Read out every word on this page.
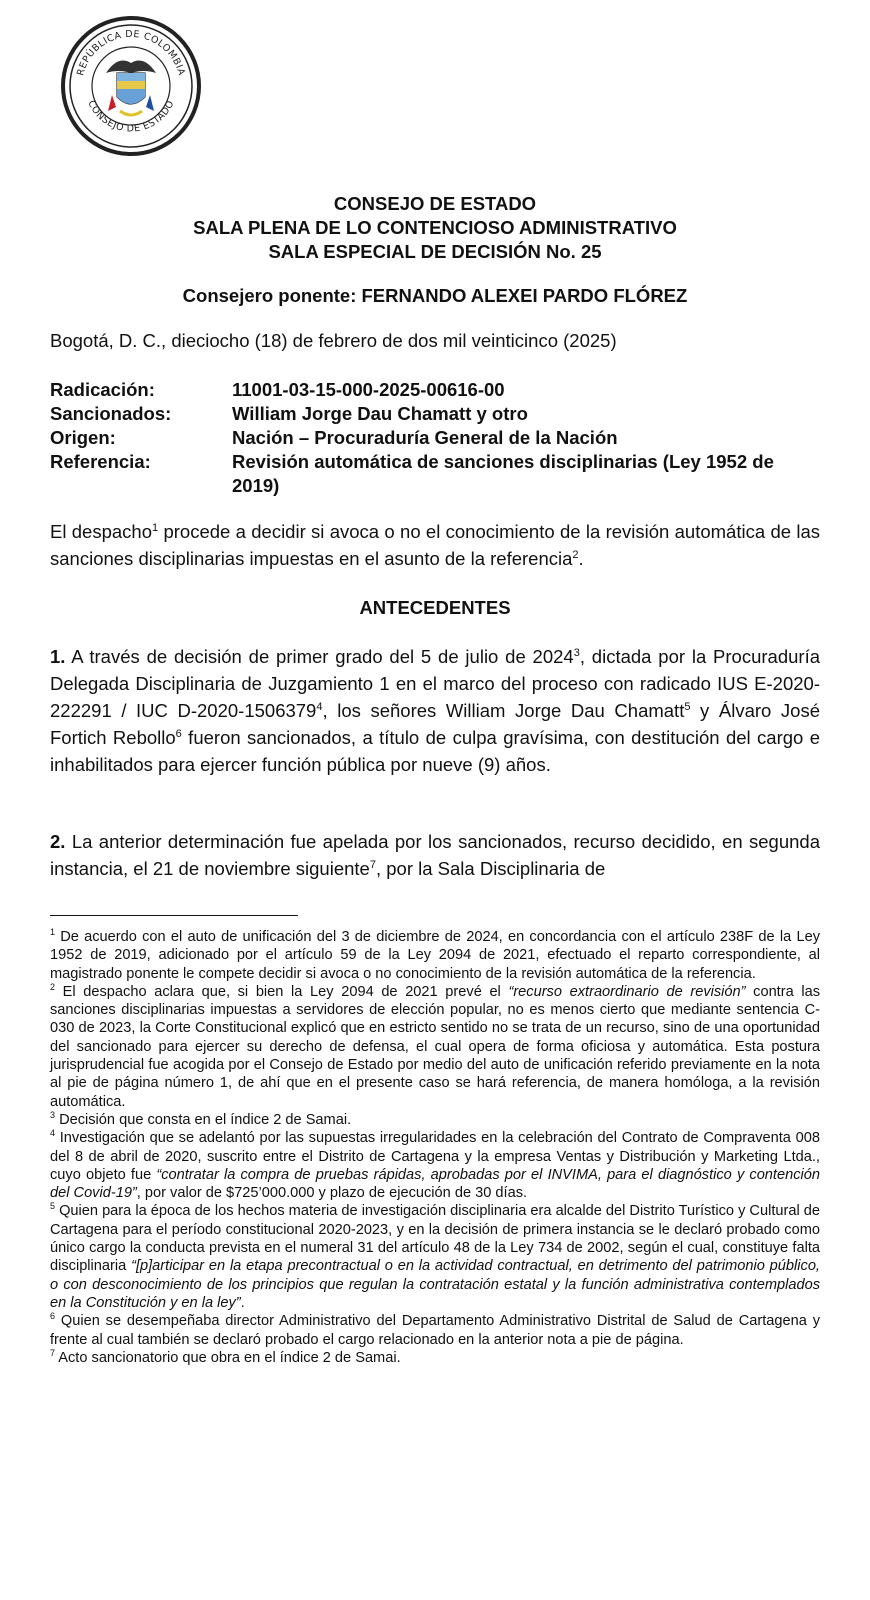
REPÚBLICA DE COLOMBIA
CONSEJO DE ESTADO
CONSEJO DE ESTADO
SALA PLENA DE LO CONTENCIOSO ADMINISTRATIVO
SALA ESPECIAL DE DECISIÓN No. 25
Consejero ponente: FERNANDO ALEXEI PARDO FLÓREZ
Bogotá, D. C., dieciocho (18) de febrero de dos mil veinticinco (2025)
Radicación:	11001-03-15-000-2025-00616-00
Sancionados:	William Jorge Dau Chamatt y otro
Origen:	Nación – Procuraduría General de la Nación
Referencia:	Revisión automática de sanciones disciplinarias (Ley 1952 de 2019)
El despacho$^1$ procede a decidir si avoca o no el conocimiento de la revisión automática de las sanciones disciplinarias impuestas en el asunto de la referencia$^2$.
ANTECEDENTES
1. A través de decisión de primer grado del 5 de julio de 2024$^3$, dictada por la Procuraduría Delegada Disciplinaria de Juzgamiento 1 en el marco del proceso con radicado IUS E-2020-222291 / IUC D-2020-1506379$^4$, los señores William Jorge Dau Chamatt$^5$ y Álvaro José Fortich Rebollo$^6$ fueron sancionados, a título de culpa gravísima, con destitución del cargo e inhabilitados para ejercer función pública por nueve (9) años.
2. La anterior determinación fue apelada por los sancionados, recurso decidido, en segunda instancia, el 21 de noviembre siguiente$^7$, por la Sala Disciplinaria de

$^1$ De acuerdo con el auto de unificación del 3 de diciembre de 2024, en concordancia con el artículo 238F de la Ley 1952 de 2019, adicionado por el artículo 59 de la Ley 2094 de 2021, efectuado el reparto correspondiente, al magistrado ponente le compete decidir si avoca o no conocimiento de la revisión automática de la referencia.

$^2$ El despacho aclara que, si bien la Ley 2094 de 2021 prevé el “recurso extraordinario de revisión” contra las sanciones disciplinarias impuestas a servidores de elección popular, no es menos cierto que mediante sentencia C-030 de 2023, la Corte Constitucional explicó que en estricto sentido no se trata de un recurso, sino de una oportunidad del sancionado para ejercer su derecho de defensa, el cual opera de forma oficiosa y automática. Esta postura jurisprudencial fue acogida por el Consejo de Estado por medio del auto de unificación referido previamente en la nota al pie de página número 1, de ahí que en el presente caso se hará referencia, de manera homóloga, a la revisión automática.

$^3$ Decisión que consta en el índice 2 de Samai.

$^4$ Investigación que se adelantó por las supuestas irregularidades en la celebración del Contrato de Compraventa 008 del 8 de abril de 2020, suscrito entre el Distrito de Cartagena y la empresa Ventas y Distribución y Marketing Ltda., cuyo objeto fue “contratar la compra de pruebas rápidas, aprobadas por el INVIMA, para el diagnóstico y contención del Covid-19”, por valor de $725’000.000 y plazo de ejecución de 30 días.

$^5$ Quien para la época de los hechos materia de investigación disciplinaria era alcalde del Distrito Turístico y Cultural de Cartagena para el período constitucional 2020-2023, y en la decisión de primera instancia se le declaró probado como único cargo la conducta prevista en el numeral 31 del artículo 48 de la Ley 734 de 2002, según el cual, constituye falta disciplinaria “[p]articipar en la etapa precontractual o en la actividad contractual, en detrimento del patrimonio público, o con desconocimiento de los principios que regulan la contratación estatal y la función administrativa contemplados en la Constitución y en la ley”.

$^6$ Quien se desempeñaba director Administrativo del Departamento Administrativo Distrital de Salud de Cartagena y frente al cual también se declaró probado el cargo relacionado en la anterior nota a pie de página.

$^7$ Acto sancionatorio que obra en el índice 2 de Samai.
